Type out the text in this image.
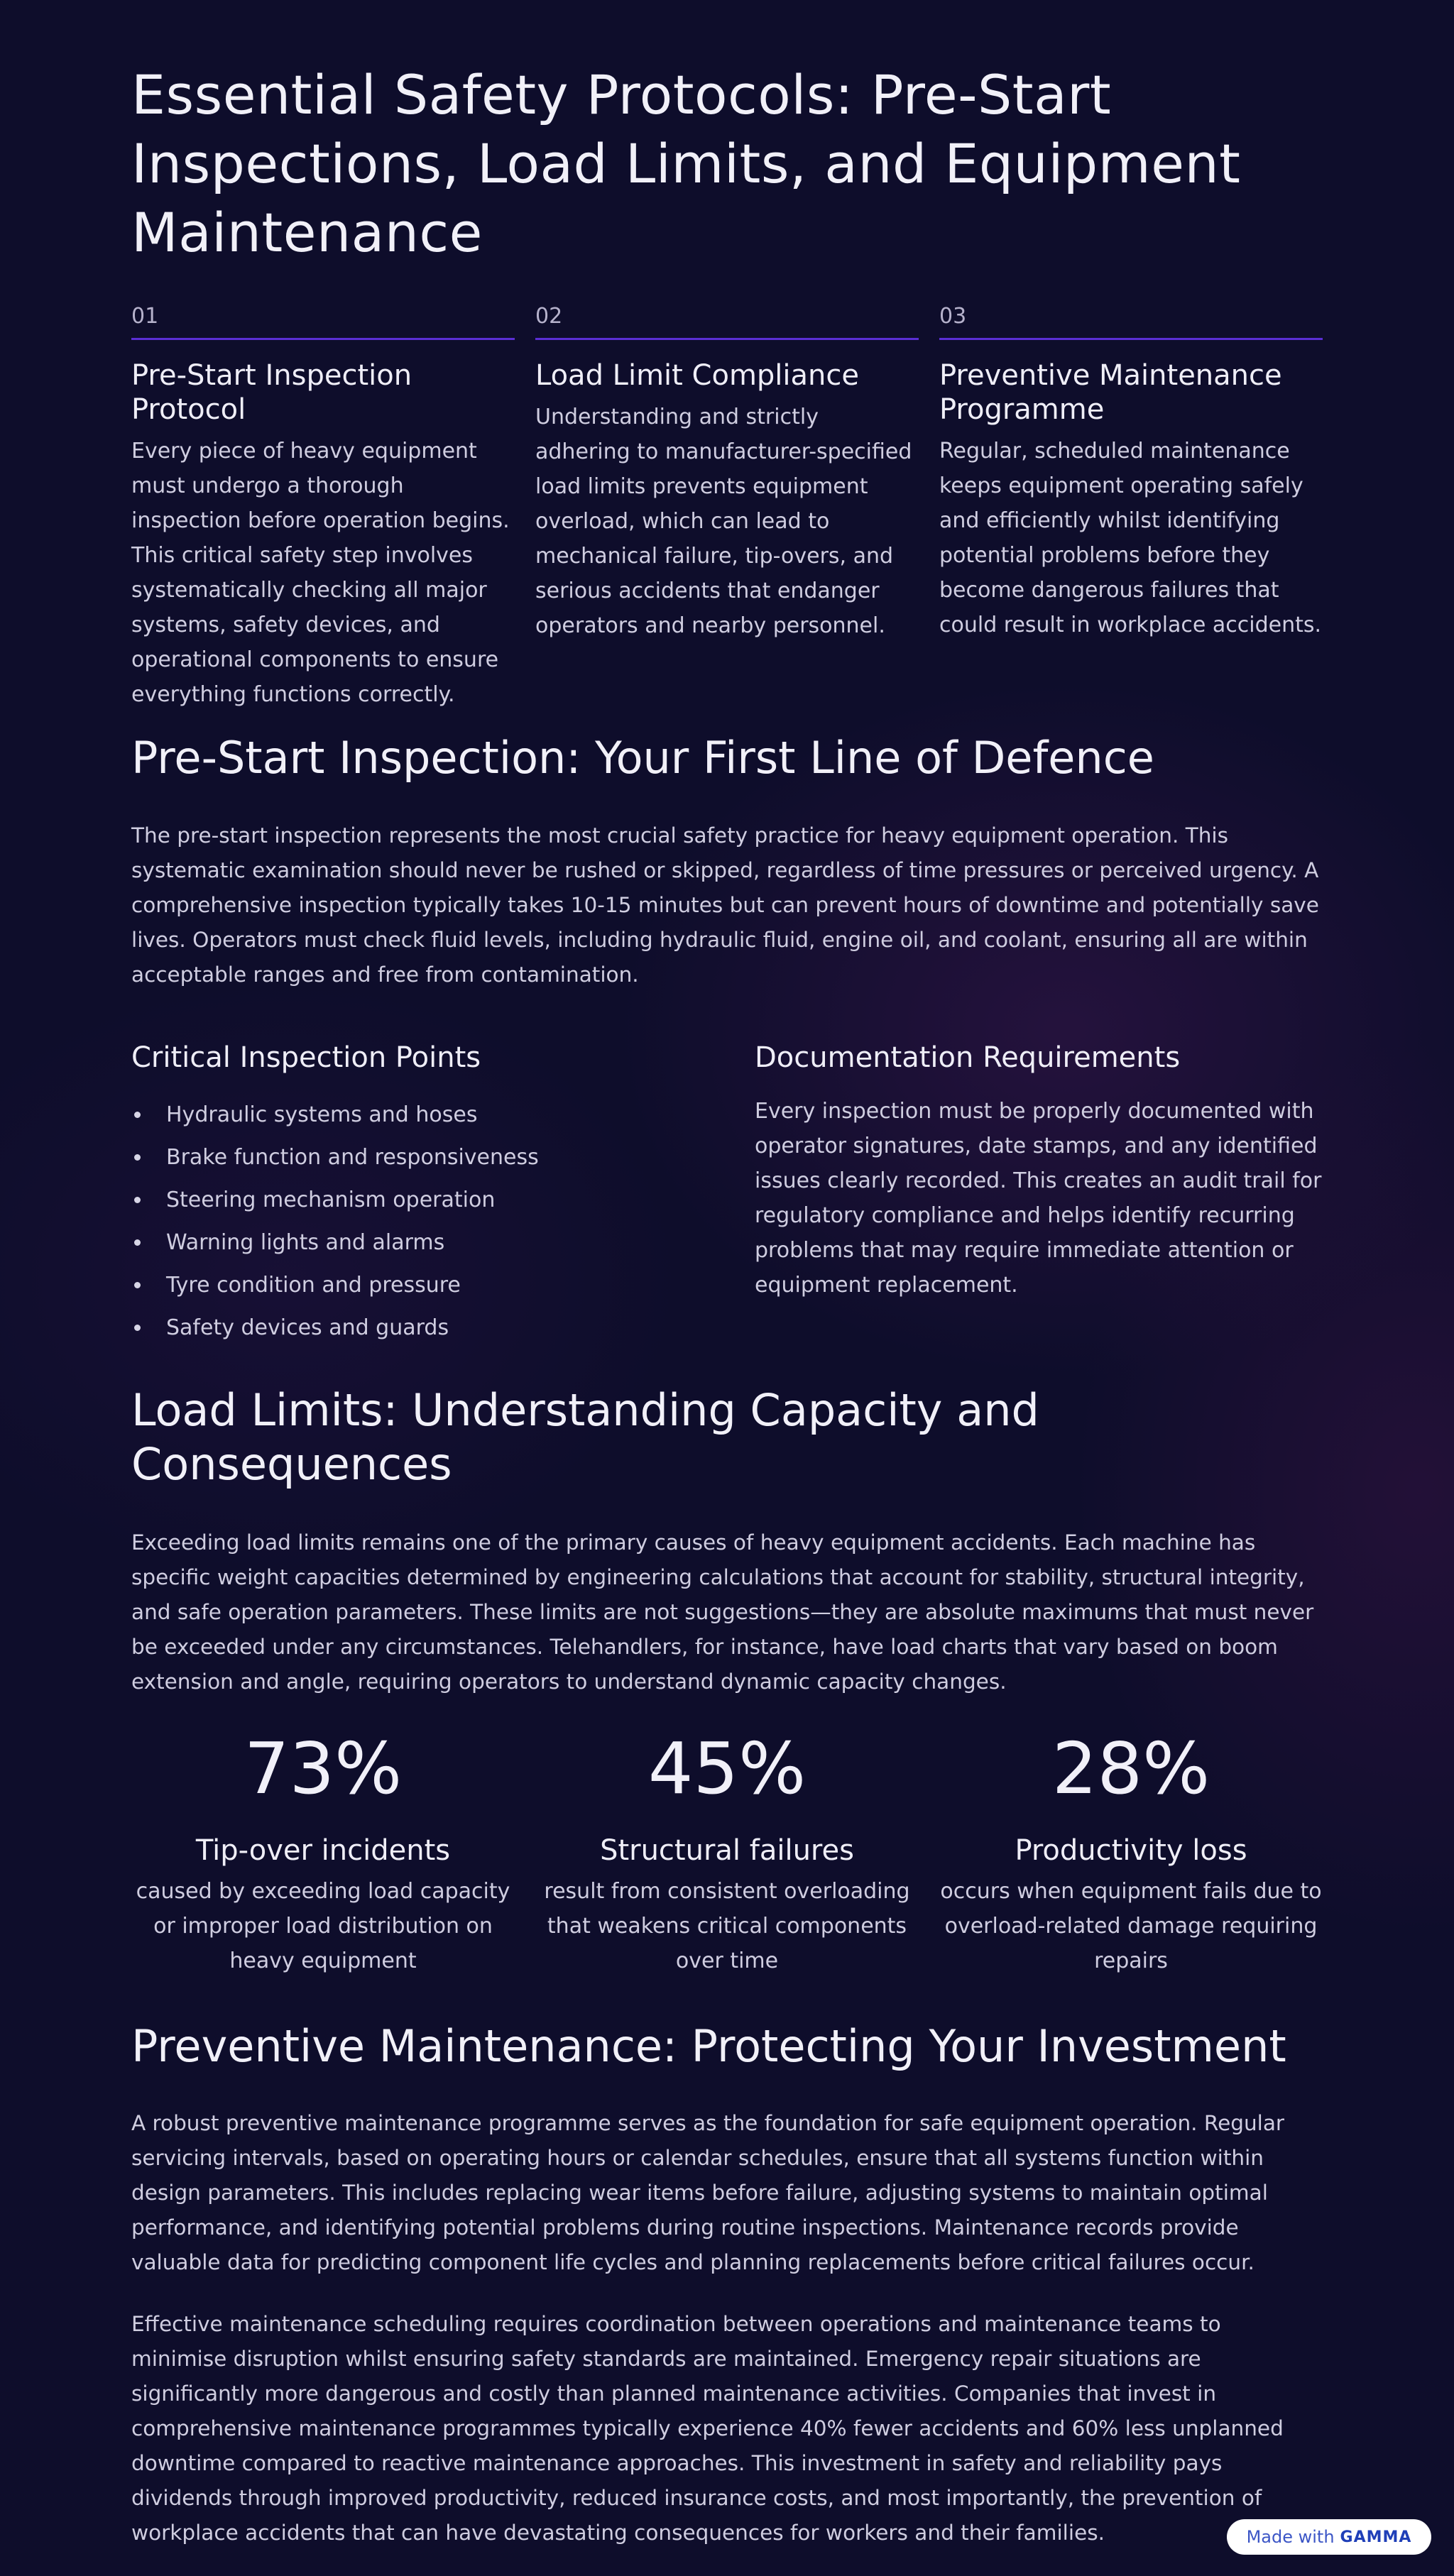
Essential Safety Protocols: Pre-Start Inspections, Load Limits, and Equipment Maintenance
01
Pre-Start Inspection Protocol

Every piece of heavy equipment must undergo a thorough inspection before operation begins. This critical safety step involves systematically checking all major systems, safety devices, and operational components to ensure everything functions correctly.

02
Load Limit Compliance

Understanding and strictly adhering to manufacturer-specified load limits prevents equipment overload, which can lead to mechanical failure, tip-overs, and serious accidents that endanger operators and nearby personnel.

03
Preventive Maintenance Programme

Regular, scheduled maintenance keeps equipment operating safely and efficiently whilst identifying potential problems before they become dangerous failures that could result in workplace accidents.

Pre-Start Inspection: Your First Line of Defence

The pre-start inspection represents the most crucial safety practice for heavy equipment operation. This systematic examination should never be rushed or skipped, regardless of time pressures or perceived urgency. A comprehensive inspection typically takes 10-15 minutes but can prevent hours of downtime and potentially save lives. Operators must check fluid levels, including hydraulic fluid, engine oil, and coolant, ensuring all are within acceptable ranges and free from contamination.

Critical Inspection Points
Hydraulic systems and hoses
Brake function and responsiveness
Steering mechanism operation
Warning lights and alarms
Tyre condition and pressure
Safety devices and guards
Documentation Requirements

Every inspection must be properly documented with operator signatures, date stamps, and any identified issues clearly recorded. This creates an audit trail for regulatory compliance and helps identify recurring problems that may require immediate attention or equipment replacement.

Load Limits: Understanding Capacity and Consequences

Exceeding load limits remains one of the primary causes of heavy equipment accidents. Each machine has specific weight capacities determined by engineering calculations that account for stability, structural integrity, and safe operation parameters. These limits are not suggestions—they are absolute maximums that must never be exceeded under any circumstances. Telehandlers, for instance, have load charts that vary based on boom extension and angle, requiring operators to understand dynamic capacity changes.

73%
Tip-over incidents
caused by exceeding load capacity or improper load distribution on heavy equipment
45%
Structural failures
result from consistent overloading that weakens critical components over time
28%
Productivity loss
occurs when equipment fails due to overload-related damage requiring repairs
Preventive Maintenance: Protecting Your Investment

A robust preventive maintenance programme serves as the foundation for safe equipment operation. Regular servicing intervals, based on operating hours or calendar schedules, ensure that all systems function within design parameters. This includes replacing wear items before failure, adjusting systems to maintain optimal performance, and identifying potential problems during routine inspections. Maintenance records provide valuable data for predicting component life cycles and planning replacements before critical failures occur.

Effective maintenance scheduling requires coordination between operations and maintenance teams to minimise disruption whilst ensuring safety standards are maintained. Emergency repair situations are significantly more dangerous and costly than planned maintenance activities. Companies that invest in comprehensive maintenance programmes typically experience 40% fewer accidents and 60% less unplanned downtime compared to reactive maintenance approaches. This investment in safety and reliability pays dividends through improved productivity, reduced insurance costs, and most importantly, the prevention of workplace accidents that can have devastating consequences for workers and their families.	Made with GAMMA
